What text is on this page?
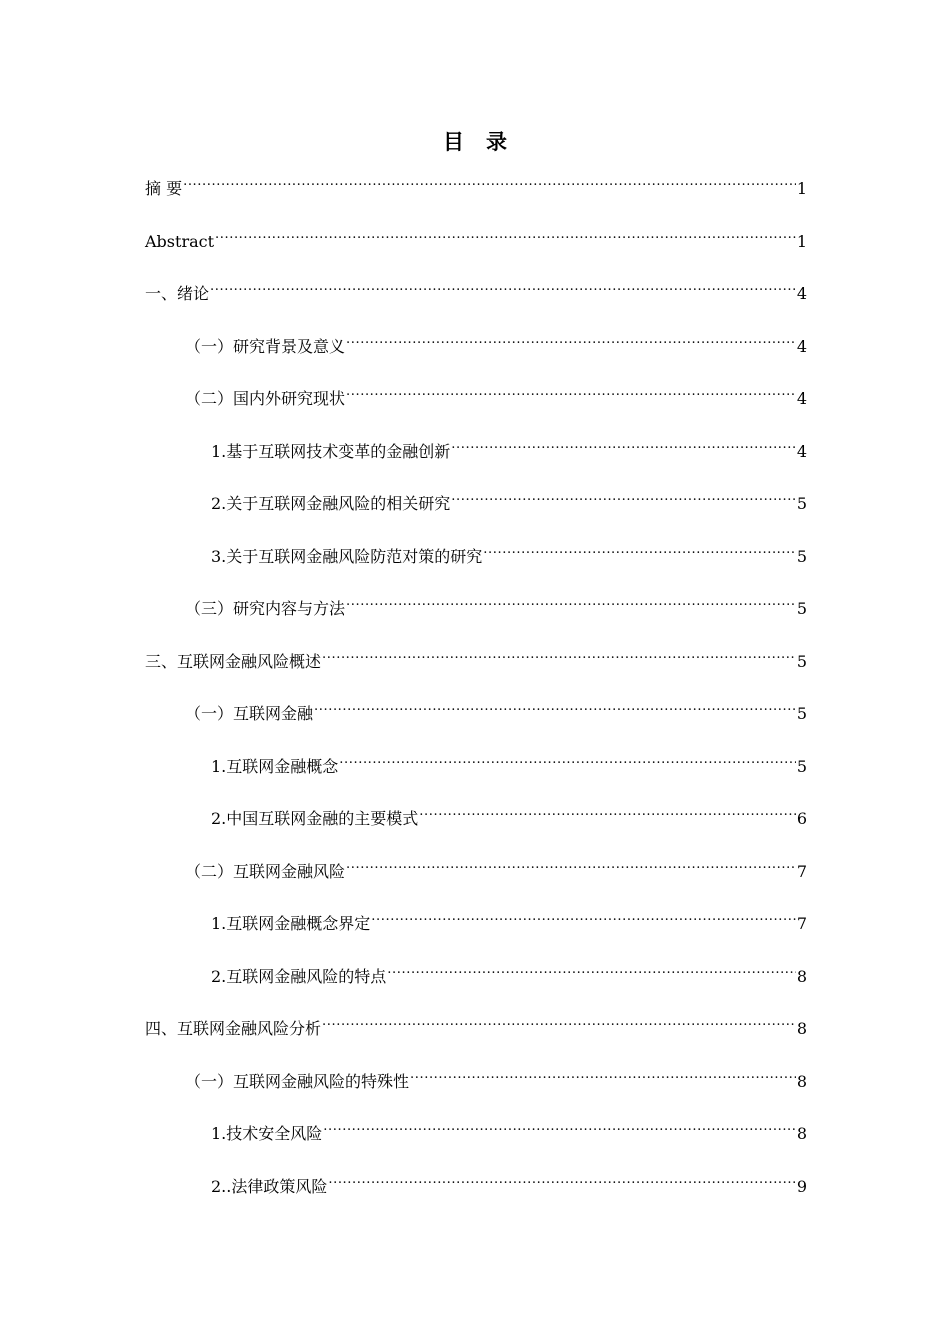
目录
摘 要 .....	1
Abstract .....	1
一、绪论 .....	4
（一）研究背景及意义 .....	4
（二）国内外研究现状 .....	4
1.基于互联网技术变革的金融创新 .....	4
2.关于互联网金融风险的相关研究 .....	5
3.关于互联网金融风险防范对策的研究 .....	5
（三）研究内容与方法 .....	5
三、互联网金融风险概述 .....	5
（一）互联网金融 .....	5
1.互联网金融概念 .....	5
2.中国互联网金融的主要模式 .....	6
（二）互联网金融风险 .....	7
1.互联网金融概念界定 .....	7
2.互联网金融风险的特点 .....	8
四、互联网金融风险分析 .....	8
（一）互联网金融风险的特殊性 .....	8
1.技术安全风险 .....	8
2..法律政策风险 .....	9
